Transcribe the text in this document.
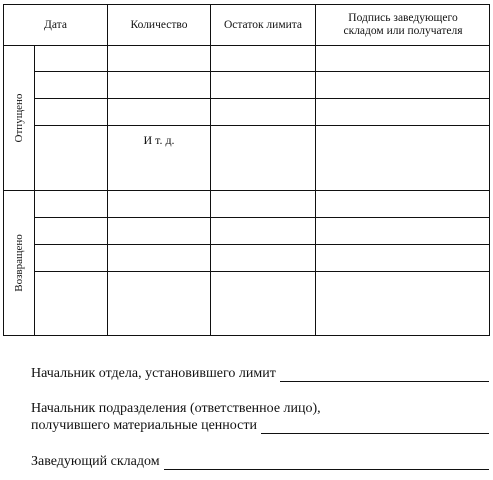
Дата	Количество	Остаток лимита
Подпись заведующего складом или получателя
Отпущено
Возвращено
И т. д.
Начальник отдела, установившего лимит
Начальник подразделения (ответственное лицо),
получившего материальные ценности
Заведующий складом
